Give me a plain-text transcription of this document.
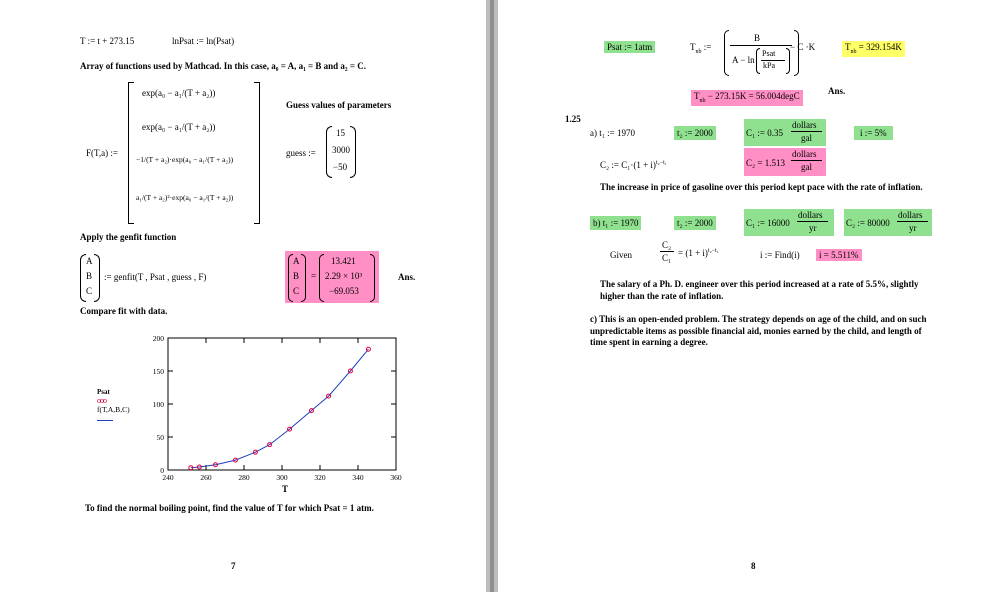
T := t + 273.15	lnPsat := ln(Psat)
Array of functions used by Mathcad. In this case, a₀ = A, a₁ = B and a₂ = C.
F(T,a) :=
exp(a₀ − a₁/(T + a₂))
exp(a₀ − a₁/(T + a₂))
−1/(T + a₂)·exp(a₀ − a₁/(T + a₂))
a₁/(T + a₂)²·exp(a₀ − a₁/(T + a₂))
Guess values of parameters
guess :=
15
3000
−50
Apply the genfit function
A
B
C
:= genfit(T , Psat , guess , F)
A
B
C
=
13.421
2.29 × 10³
−69.053
Ans.
Compare fit with data.
Psat
ooo
f(T,A,B,C)
0
50
100
150
200
240	260	280	300	320	340	360
T
To find the normal boiling point, find the value of T for which Psat = 1 atm.
7
Psat := 1atm	$T_{nb}$ :=
B
A − ln
Psat
kPa
− C ·K	$T_{nb} = 329.154K$
$T_{nb} - 273.15K$ = 56.004degC	Ans.
1.25
a) t₁ := 1970	t₂ := 2000	C₁ := 0.35
dollars
gal	i := 5%
C₂ := $C_1\cdot(1 + i)^{t_2-t_1}$	C₂ = 1.513
dollars
gal
The increase in price of gasoline over this period kept pace with the rate of inflation.
b) t₁ := 1970	t₂ := 2000	C₁ := 16000
dollars
yr	C₂ := 80000
dollars
yr
Given
C₂
$C_1 = (1 + i)^{t_2-t_1}$	i := Find(i)	i = 5.511%
The salary of a Ph. D. engineer over this period increased at a rate of 5.5%, slightly higher than the rate of inflation.
c) This is an open-ended problem. The strategy depends on age of the child, and on such unpredictable items as possible financial aid, monies earned by the child, and length of time spent in earning a degree.
8
